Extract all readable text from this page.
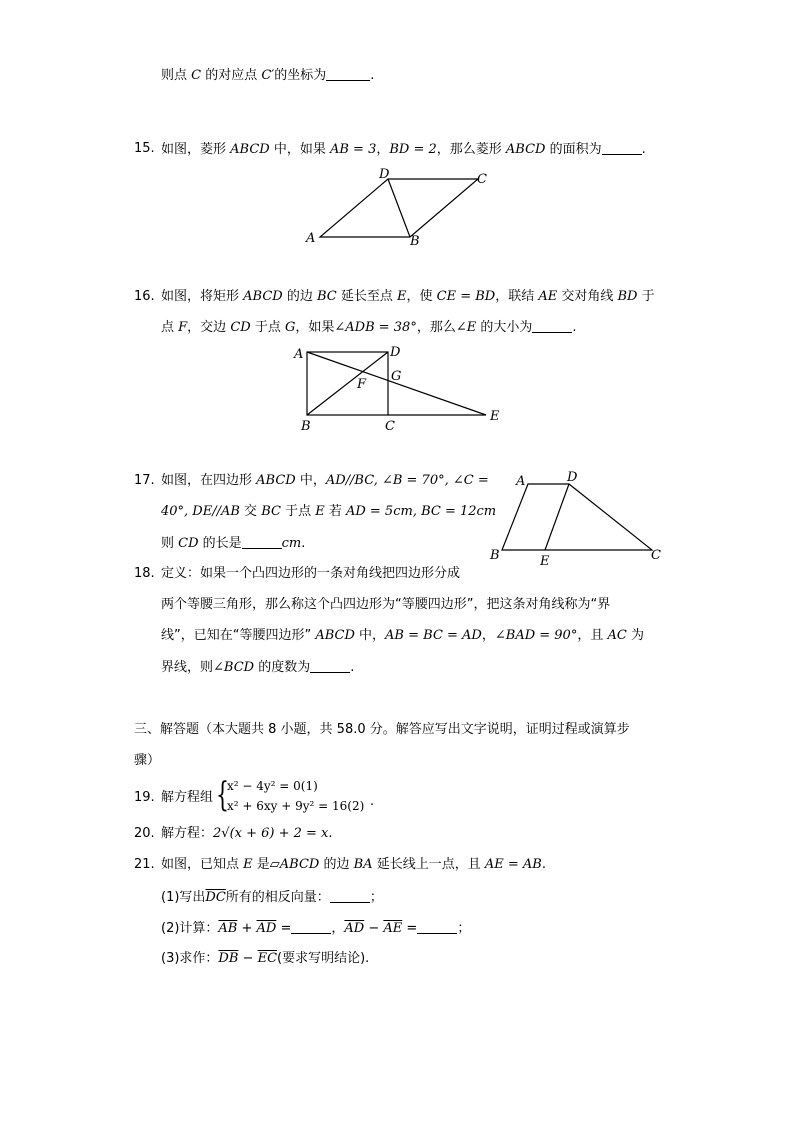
则点 C 的对应点 C′的坐标为	.
15. 如图，菱形 ABCD 中，如果 AB = 3，BD = 2，那么菱形 ABCD 的面积为	.
A	B
C
D
16. 如图，将矩形 ABCD 的边 BC 延长至点 E，使 CE = BD，联结 AE 交对角线 BD 于
点 F，交边 CD 于点 G，如果∠ADB = 38°，那么∠E 的大小为	.
A	D
G
F
B	C
E
17. 如图，在四边形 ABCD 中，AD//BC, ∠B = 70°, ∠C =
40°, DE//AB 交 BC 于点 E 若 AD = 5cm, BC = 12cm
则 CD 的长是	cm.
A	D
B	E	C
18. 定义：如果一个凸四边形的一条对角线把四边形分成
两个等腰三角形，那么称这个凸四边形为“等腰四边形”，把这条对角线称为“界
线”，已知在“等腰四边形” ABCD 中，AB = BC = AD，∠BAD = 90°，且 AC 为
界线，则∠BCD 的度数为	.
三、解答题（本大题共 8 小题，共 58.0 分。解答应写出文字说明，证明过程或演算步
骤）
19. 解方程组 {
x² − 4y² = 0(1)
x² + 6xy + 9y² = 16(2) .
20. 解方程：2√(x + 6) + 2 = x.
21. 如图，已知点 E 是▱ABCD 的边 BA 延长线上一点，且 AE = AB.
(1)写出$\overline{DC}$所有的相反向量：	；
(2)计算：$\overline{AB} + \overline{AD}$ =	，$\overline{AD} - \overline{AE}$ =	；
(3)求作：$\overline{DB} - \overline{EC}$(要求写明结论).
